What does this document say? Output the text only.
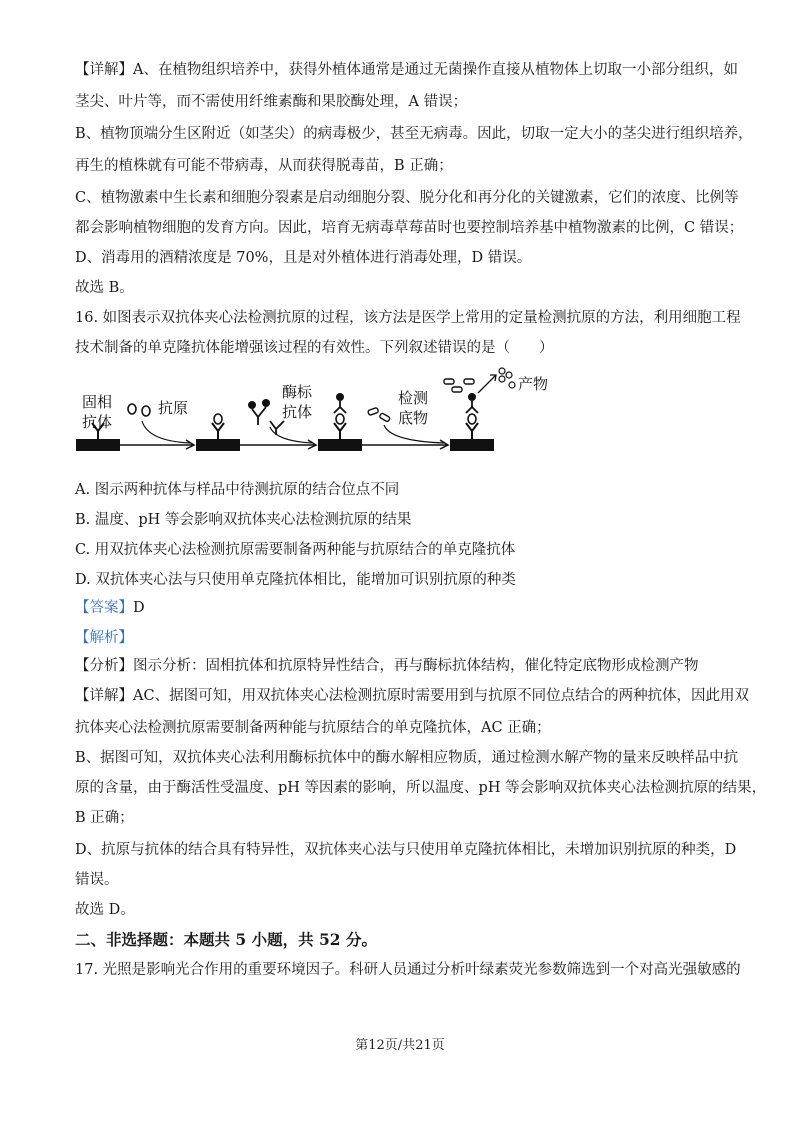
【详解】A、在植物组织培养中，获得外植体通常是通过无菌操作直接从植物体上切取一小部分组织，如
茎尖、叶片等，而不需使用纤维素酶和果胶酶处理，A 错误；
B、植物顶端分生区附近（如茎尖）的病毒极少，甚至无病毒。因此，切取一定大小的茎尖进行组织培养，
再生的植株就有可能不带病毒，从而获得脱毒苗，B 正确；
C、植物激素中生长素和细胞分裂素是启动细胞分裂、脱分化和再分化的关键激素，它们的浓度、比例等
都会影响植物细胞的发育方向。因此，培育无病毒草莓苗时也要控制培养基中植物激素的比例，C 错误；
D、消毒用的酒精浓度是 70%，且是对外植体进行消毒处理，D 错误。
故选 B。
16. 如图表示双抗体夹心法检测抗原的过程，该方法是医学上常用的定量检测抗原的方法，利用细胞工程
技术制备的单克隆抗体能增强该过程的有效性。下列叙述错误的是（　　）
固相
抗体
抗原
酶标
抗体
检测
底物
产物
A. 图示两种抗体与样品中待测抗原的结合位点不同
B. 温度、pH 等会影响双抗体夹心法检测抗原的结果
C. 用双抗体夹心法检测抗原需要制备两种能与抗原结合的单克隆抗体
D. 双抗体夹心法与只使用单克隆抗体相比，能增加可识别抗原的种类
【答案】D
【解析】
【分析】图示分析：固相抗体和抗原特异性结合，再与酶标抗体结构，催化特定底物形成检测产物
【详解】AC、据图可知，用双抗体夹心法检测抗原时需要用到与抗原不同位点结合的两种抗体，因此用双
抗体夹心法检测抗原需要制备两种能与抗原结合的单克隆抗体，AC 正确；
B、据图可知，双抗体夹心法利用酶标抗体中的酶水解相应物质，通过检测水解产物的量来反映样品中抗
原的含量，由于酶活性受温度、pH 等因素的影响，所以温度、pH 等会影响双抗体夹心法检测抗原的结果，
B 正确；
D、抗原与抗体的结合具有特异性，双抗体夹心法与只使用单克隆抗体相比，未增加识别抗原的种类，D
错误。
故选 D。
二、非选择题：本题共 5 小题，共 52 分。
17. 光照是影响光合作用的重要环境因子。科研人员通过分析叶绿素荧光参数筛选到一个对高光强敏感的
第12页/共21页
